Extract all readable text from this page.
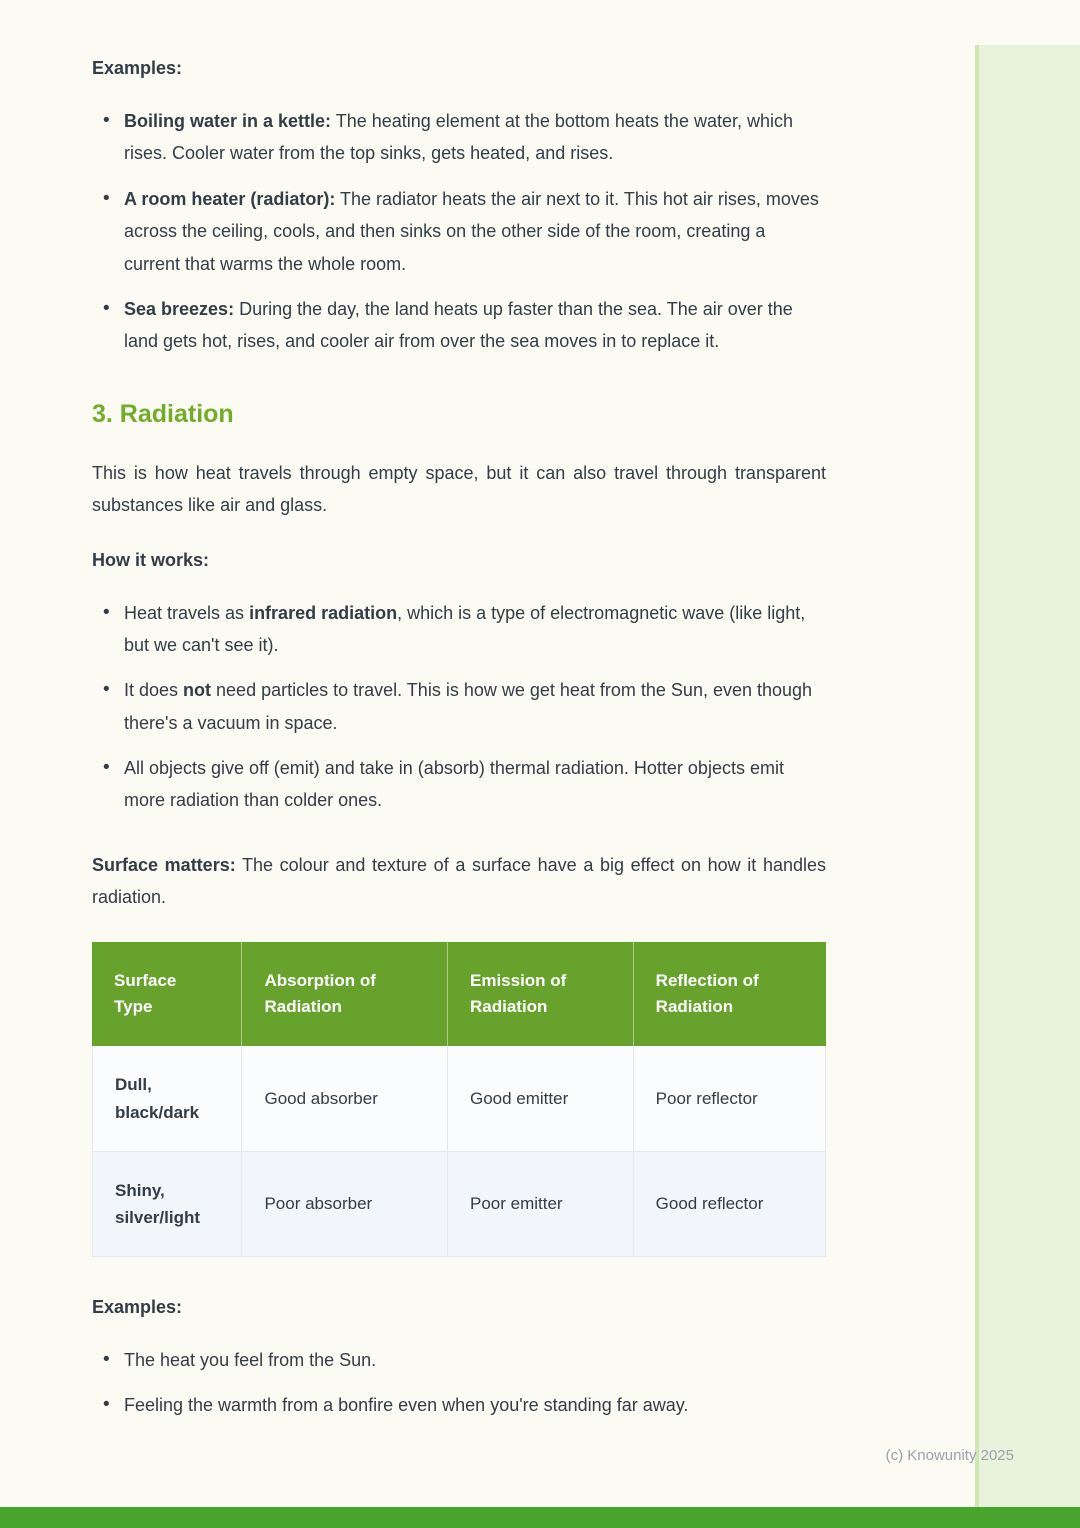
Examples:
• Boiling water in a kettle: The heating element at the bottom heats the water, which rises. Cooler water from the top sinks, gets heated, and rises.
• A room heater (radiator): The radiator heats the air next to it. This hot air rises, moves across the ceiling, cools, and then sinks on the other side of the room, creating a current that warms the whole room.
• Sea breezes: During the day, the land heats up faster than the sea. The air over the land gets hot, rises, and cooler air from over the sea moves in to replace it.
3. Radiation

This is how heat travels through empty space, but it can also travel through transparent substances like air and glass.

How it works:
• Heat travels as infrared radiation, which is a type of electromagnetic wave (like light, but we can't see it).
• It does not need particles to travel. This is how we get heat from the Sun, even though there's a vacuum in space.
• All objects give off (emit) and take in (absorb) thermal radiation. Hotter objects emit more radiation than colder ones.

Surface matters: The colour and texture of a surface have a big effect on how it handles radiation.

Surface Type	Absorption of Radiation	Emission of Radiation	Reflection of Radiation
Dull, black/dark	Good absorber	Good emitter	Poor reflector
Shiny, silver/light	Poor absorber	Poor emitter	Good reflector
Examples:
• The heat you feel from the Sun.
• Feeling the warmth from a bonfire even when you're standing far away.
(c) Knowunity 2025
